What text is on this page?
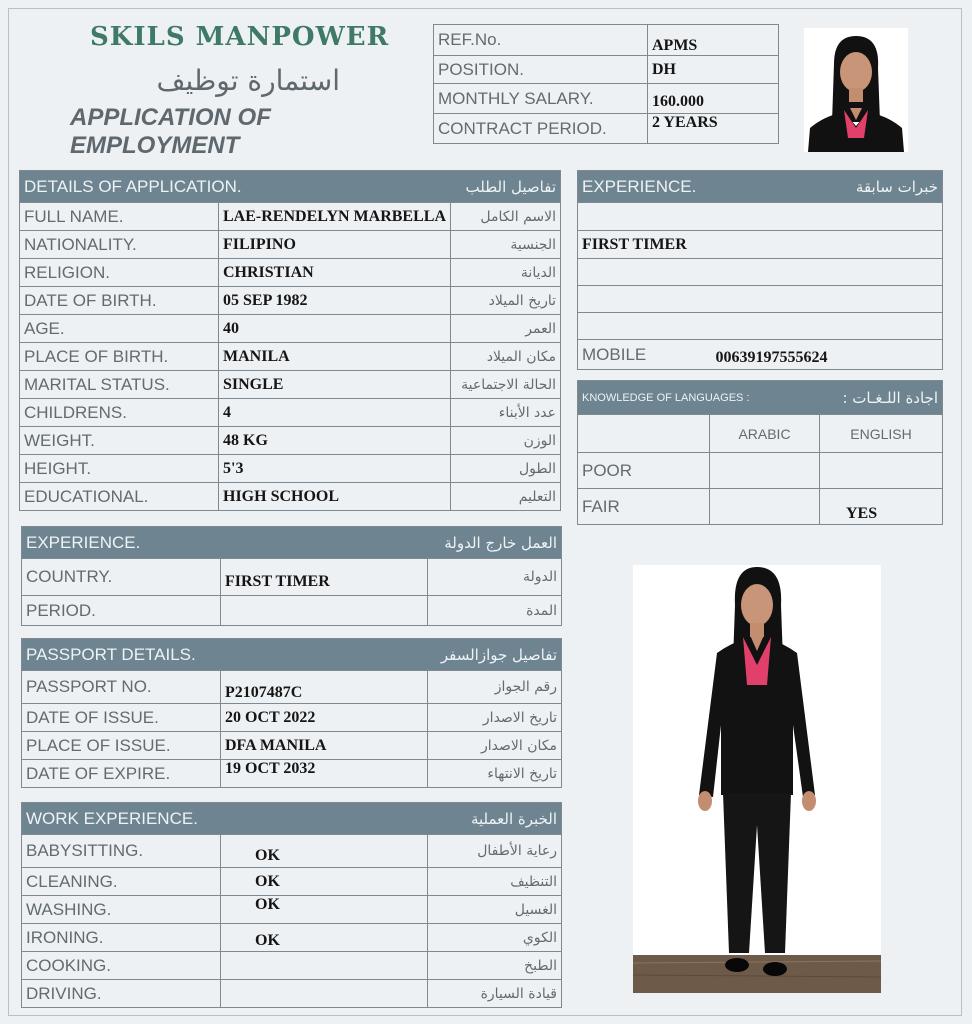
SKILS MANPOWER
استمارة توظيف
APPLICATION OF EMPLOYMENT
REF.No.	APMS
POSITION.	DH
MONTHLY SALARY.	160.000
CONTRACT PERIOD.	2 YEARS
DETAILS OF APPLICATION.		تفاصيل الطلب
FULL NAME.	LAE-RENDELYN MARBELLA	الاسم الكامل
NATIONALITY.	FILIPINO	الجنسية
RELIGION.	CHRISTIAN	الديانة
DATE OF BIRTH.	05 SEP 1982	تاريخ الميلاد
AGE.	40	العمر
PLACE OF BIRTH.	MANILA	مكان الميلاد
MARITAL STATUS.	SINGLE	الحالة الاجتماعية
CHILDRENS.	4	عدد الأبناء
WEIGHT.	48 KG	الوزن
HEIGHT.	5'3	الطول
EDUCATIONAL.	HIGH SCHOOL	التعليم
EXPERIENCE.		العمل خارج الدولة
COUNTRY.	FIRST TIMER	الدولة
PERIOD.		المدة
PASSPORT DETAILS.		تفاصيل جوازالسفر
PASSPORT NO.	P2107487C	رقم الجواز
DATE OF ISSUE.	20 OCT 2022	تاريخ الاصدار
PLACE OF ISSUE.	DFA MANILA	مكان الاصدار
DATE OF EXPIRE.	19 OCT 2032	تاريخ الانتهاء
WORK EXPERIENCE.		الخبرة العملية
BABYSITTING.	OK	رعاية الأطفال
CLEANING.	OK	التنظيف
WASHING.	OK	الغسيل
IRONING.	OK	الكوي
COOKING.		الطبخ
DRIVING.		قيادة السيارة
EXPERIENCE.	خبرات سابقة

FIRST TIMER	

MOBILE	00639197555624
KNOWLEDGE OF LANGUAGES :		اجادة اللـغـات :
	ARABIC	ENGLISH
POOR		
FAIR		YES
